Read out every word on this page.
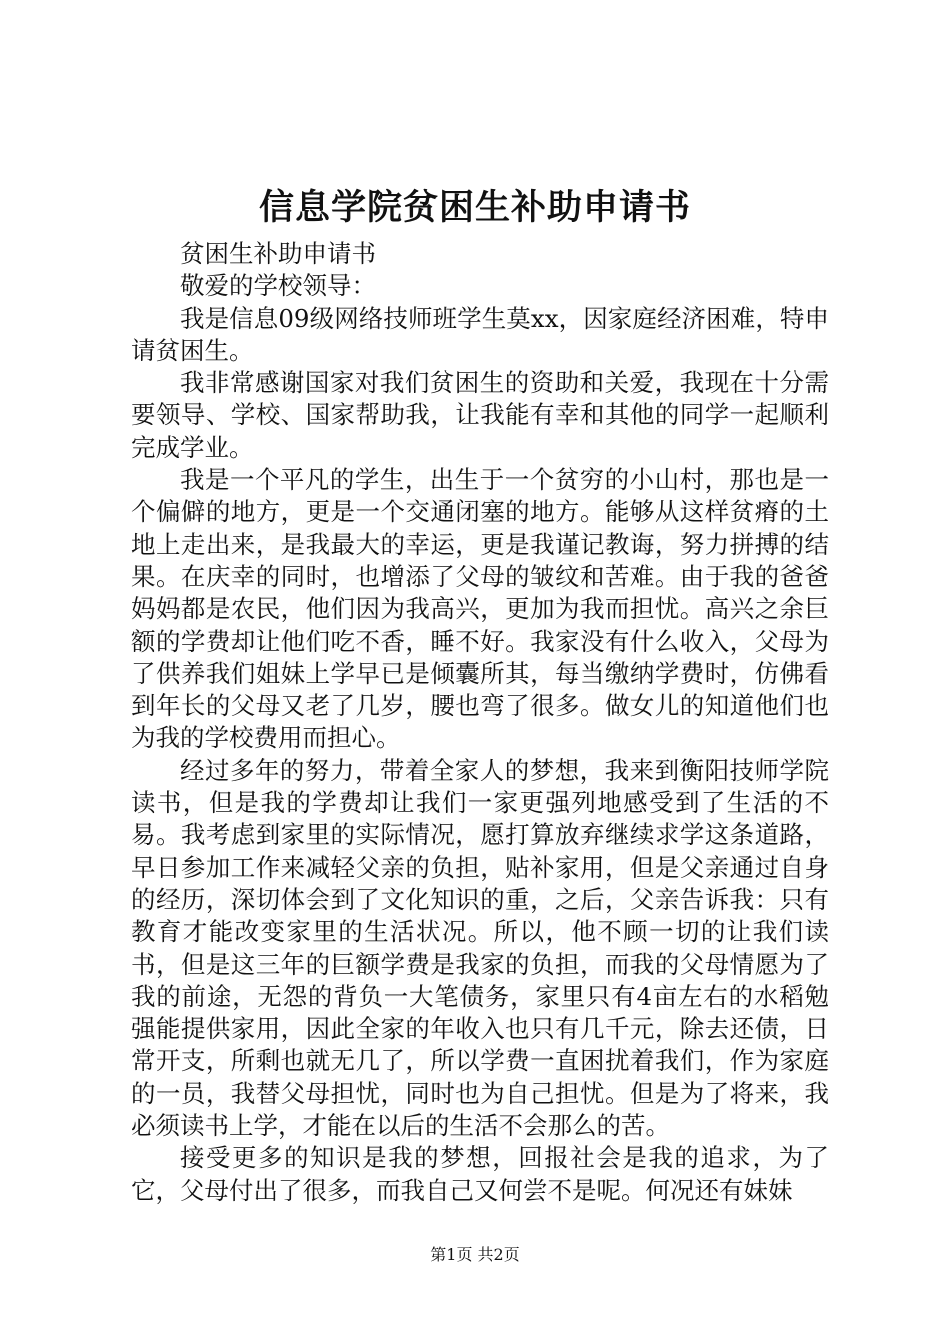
信息学院贫困生补助申请书

贫困生补助申请书

敬爱的学校领导：

我是信息09级网络技师班学生莫xx，因家庭经济困难，特申请贫困生。

我非常感谢国家对我们贫困生的资助和关爱，我现在十分需要领导、学校、国家帮助我，让我能有幸和其他的同学一起顺利完成学业。

我是一个平凡的学生，出生于一个贫穷的小山村，那也是一个偏僻的地方，更是一个交通闭塞的地方。能够从这样贫瘠的土地上走出来，是我最大的幸运，更是我谨记教诲，努力拼搏的结果。在庆幸的同时，也增添了父母的皱纹和苦难。由于我的爸爸妈妈都是农民，他们因为我高兴，更加为我而担忧。高兴之余巨额的学费却让他们吃不香，睡不好。我家没有什么收入，父母为了供养我们姐妹上学早已是倾囊所其，每当缴纳学费时，仿佛看到年长的父母又老了几岁，腰也弯了很多。做女儿的知道他们也为我的学校费用而担心。

经过多年的努力，带着全家人的梦想，我来到衡阳技师学院读书，但是我的学费却让我们一家更强列地感受到了生活的不易。我考虑到家里的实际情况，愿打算放弃继续求学这条道路，早日参加工作来减轻父亲的负担，贴补家用，但是父亲通过自身的经历，深切体会到了文化知识的重，之后，父亲告诉我：只有教育才能改变家里的生活状况。所以，他不顾一切的让我们读书，但是这三年的巨额学费是我家的负担，而我的父母情愿为了我的前途，无怨的背负一大笔债务，家里只有4亩左右的水稻勉强能提供家用，因此全家的年收入也只有几千元，除去还债，日常开支，所剩也就无几了，所以学费一直困扰着我们，作为家庭的一员，我替父母担忧，同时也为自己担忧。但是为了将来，我必须读书上学，才能在以后的生活不会那么的苦。

接受更多的知识是我的梦想，回报社会是我的追求，为了它，父母付出了很多，而我自己又何尝不是呢。何况还有妹妹

第1页 共2页
